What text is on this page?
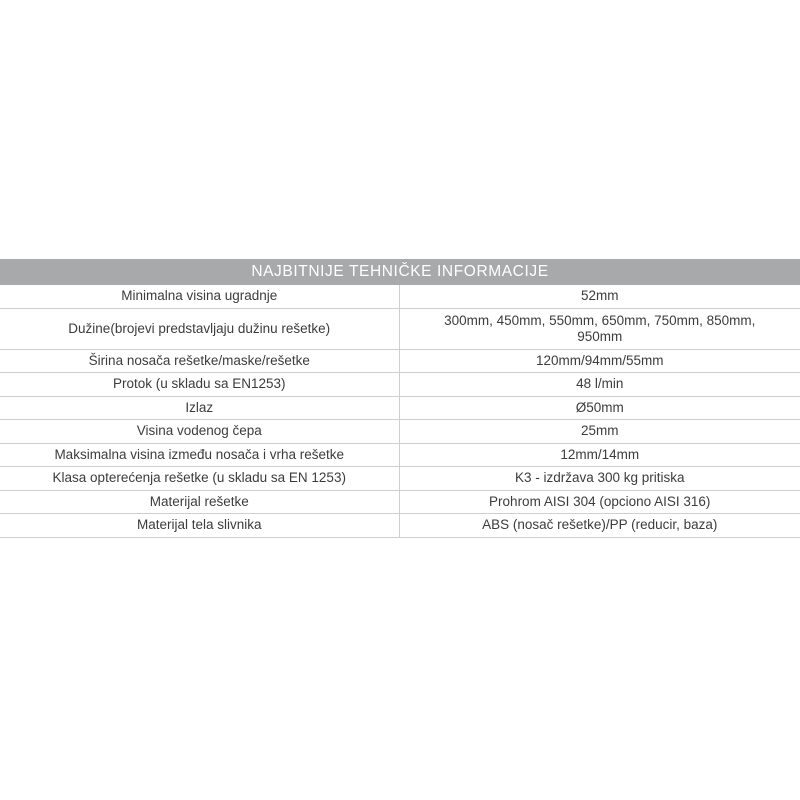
NAJBITNIJE TEHNIČKE INFORMACIJE	
Minimalna visina ugradnje	52mm
Dužine(brojevi predstavljaju dužinu rešetke)	300mm, 450mm, 550mm, 650mm, 750mm, 850mm, 950mm
Širina nosača rešetke/maske/rešetke	120mm/94mm/55mm
Protok (u skladu sa EN1253)	48 l/min
Izlaz	Ø50mm
Visina vodenog čepa	25mm
Maksimalna visina između nosača i vrha rešetke	12mm/14mm
Klasa opterećenja rešetke (u skladu sa EN 1253)	K3 - izdržava 300 kg pritiska
Materijal rešetke	Prohrom AISI 304 (opciono AISI 316)
Materijal tela slivnika	ABS (nosač rešetke)/PP (reducir, baza)
